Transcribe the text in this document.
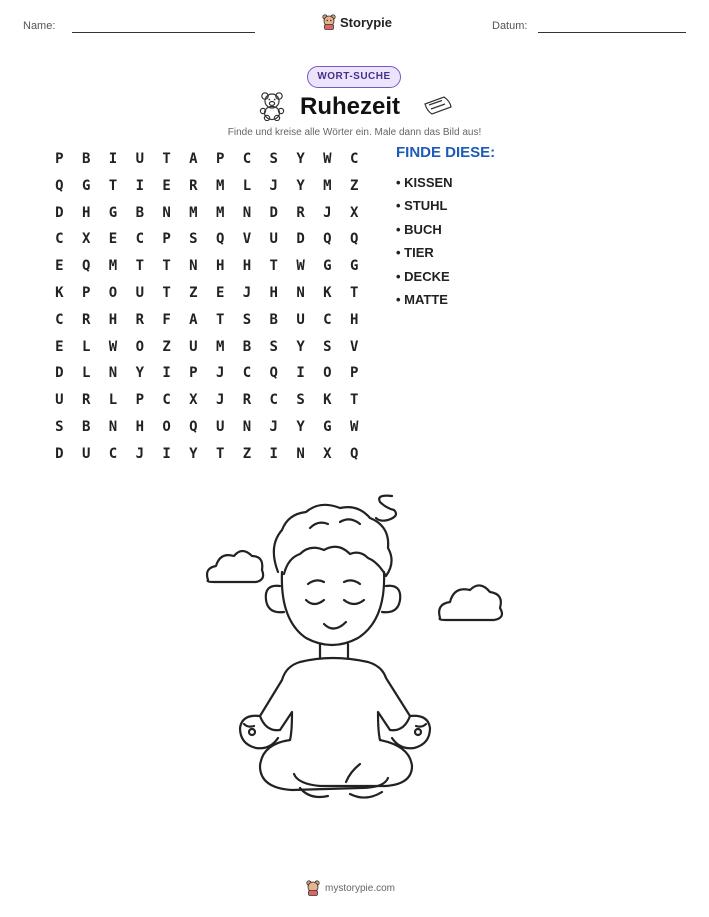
Name:	Storypie	Datum:
WORT-SUCHE
Ruhezeit
Finde und kreise alle Wörter ein. Male dann das Bild aus!
P	B	I	U	T	A	P	C	S	Y	W	C
Q	G	T	I	E	R	M	L	J	Y	M	Z
D	H	G	B	N	M	M	N	D	R	J	X
C	X	E	C	P	S	Q	V	U	D	Q	Q
E	Q	M	T	T	N	H	H	T	W	G	G
K	P	O	U	T	Z	E	J	H	N	K	T
C	R	H	R	F	A	T	S	B	U	C	H
E	L	W	O	Z	U	M	B	S	Y	S	V
D	L	N	Y	I	P	J	C	Q	I	O	P
U	R	L	P	C	X	J	R	C	S	K	T
S	B	N	H	O	Q	U	N	J	Y	G	W
D	U	C	J	I	Y	T	Z	I	N	X	Q
FINDE DIESE:
• KISSEN
• STUHL
• BUCH
• TIER
• DECKE
• MATTE
mystorypie.com
